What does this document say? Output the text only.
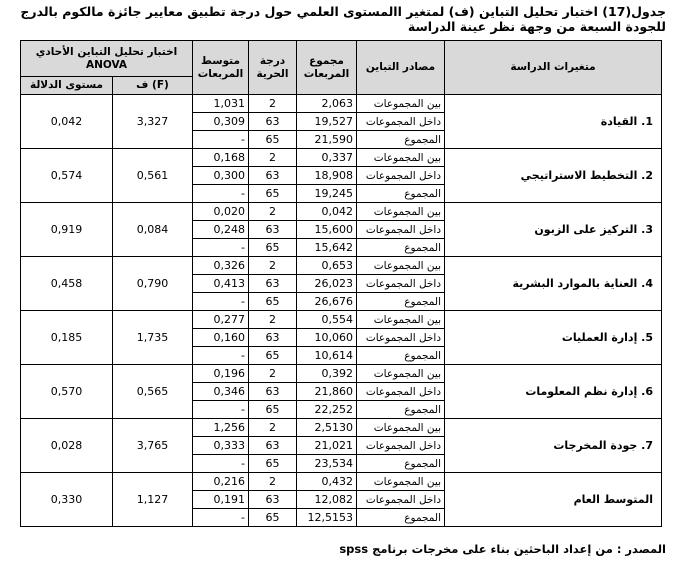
جدول(17) اختبار تحليل التباين (ف) لمتغير االمستوى العلمي حول درجة تطبيق معايير جائزة مالكوم بالدرج للجودة السبعة من وجهة نظر عينة الدراسة
اختبار تحليل التباين الأحادي ANOVA		متوسط المربعات	درجة الحرية	مجموع المربعات	مصادر التباين	متغيرات الدراسة
مستوى الدلالة	ف (F)					
0,042	3,327	1,031	2	2,063	بين المجموعات	1. القيادة
		0,309	63	19,527	داخل المجموعات	
		-	65	21,590	المجموع	
0,574	0,561	0,168	2	0,337	بين المجموعات	2. التخطيط الاستراتيجي
		0,300	63	18,908	داخل المجموعات	
		-	65	19,245	المجموع	
0,919	0,084	0,020	2	0,042	بين المجموعات	3. التركيز على الزبون
		0,248	63	15,600	داخل المجموعات	
		-	65	15,642	المجموع	
0,458	0,790	0,326	2	0,653	بين المجموعات	4. العناية بالموارد البشرية
		0,413	63	26,023	داخل المجموعات	
		-	65	26,676	المجموع	
0,185	1,735	0,277	2	0,554	بين المجموعات	5. إدارة العمليات
		0,160	63	10,060	داخل المجموعات	
		-	65	10,614	المجموع	
0,570	0,565	0,196	2	0,392	بين المجموعات	6. إدارة نظم المعلومات
		0,346	63	21,860	داخل المجموعات	
		-	65	22,252	المجموع	
0,028	3,765	1,256	2	2,5130	بين المجموعات	7. جودة المخرجات
		0,333	63	21,021	داخل المجموعات	
		-	65	23,534	المجموع	
0,330	1,127	0,216	2	0,432	بين المجموعات	المتوسط العام
		0,191	63	12,082	داخل المجموعات	
		-	65	12,5153	المجموع	
المصدر : من إعداد الباحثين بناء على مخرجات برنامج spss
